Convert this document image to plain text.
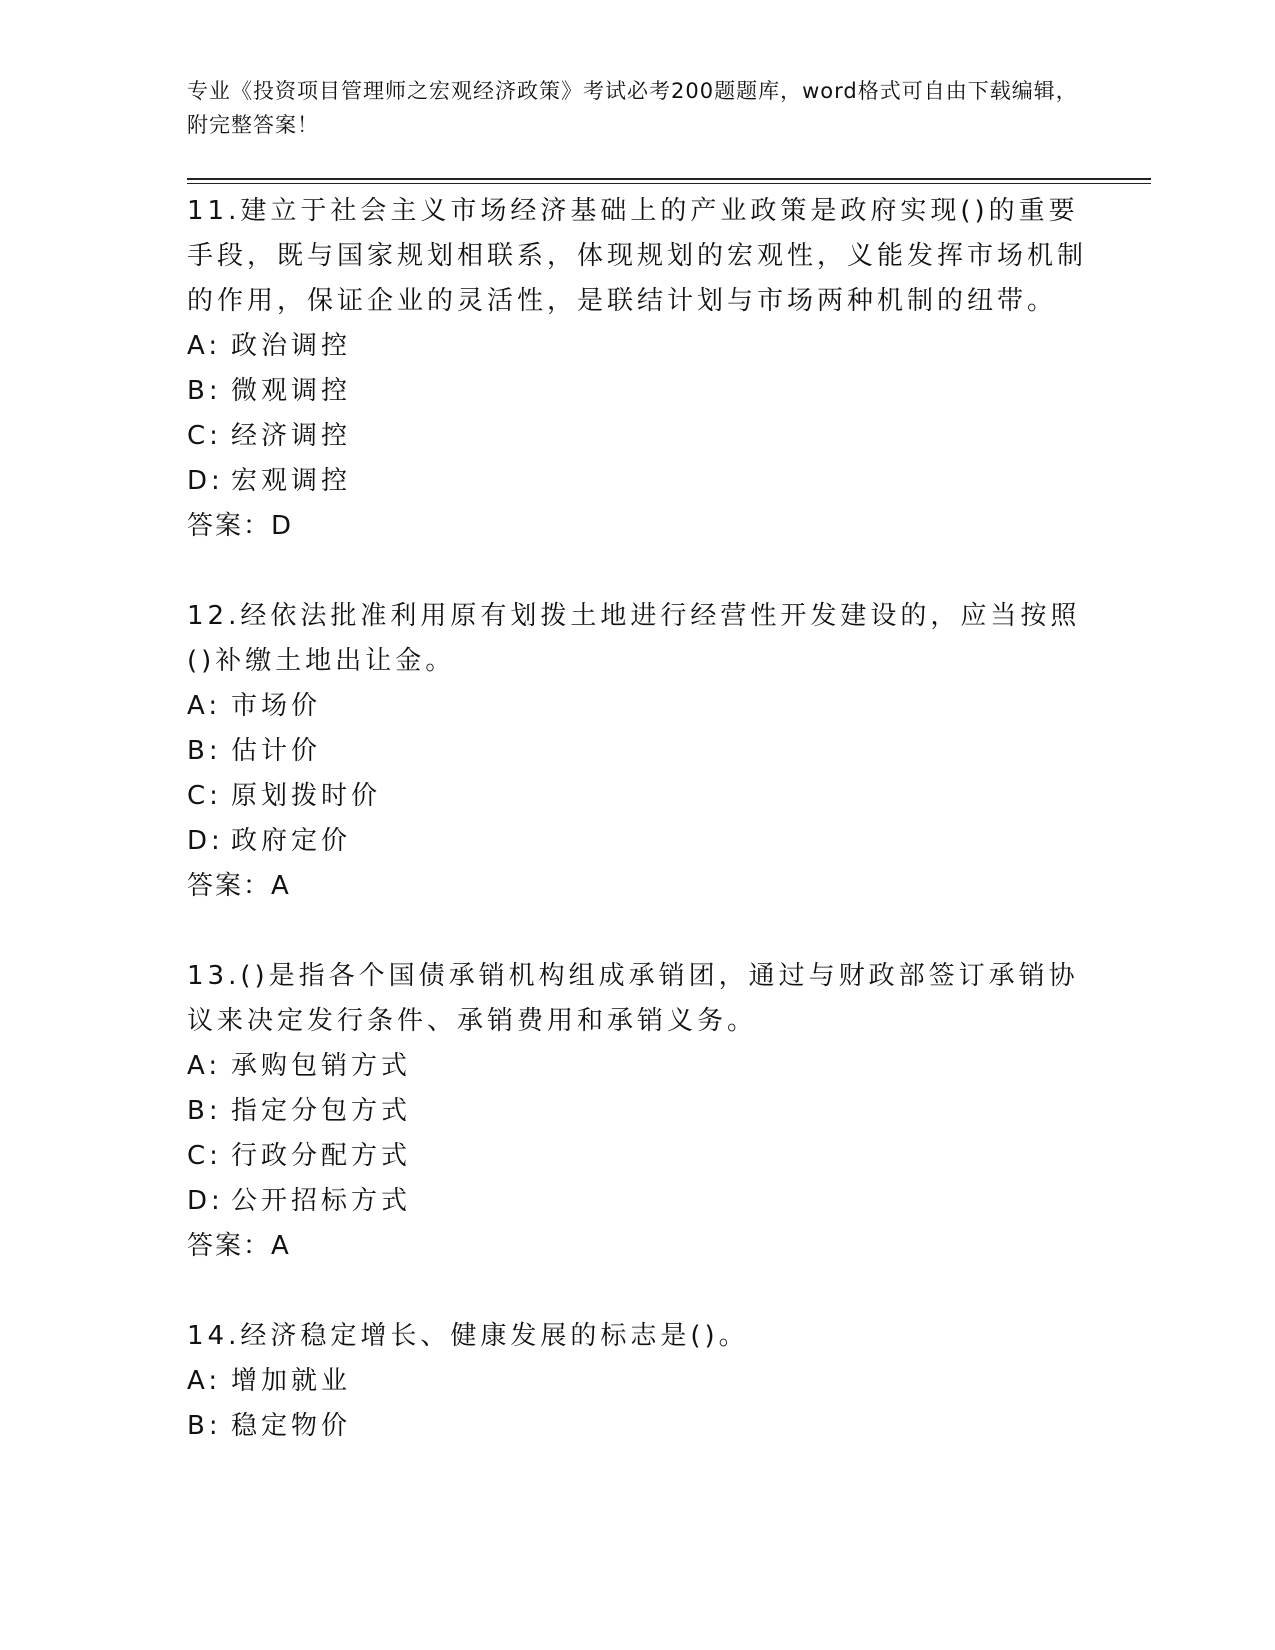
专业《投资项目管理师之宏观经济政策》考试必考200题题库，word格式可自由下载编辑，附完整答案！
11.建立于社会主义市场经济基础上的产业政策是政府实现()的重要手段，既与国家规划相联系，体现规划的宏观性，义能发挥市场机制的作用，保证企业的灵活性，是联结计划与市场两种机制的纽带。
A: 政治调控
B: 微观调控
C: 经济调控
D: 宏观调控
答案：D
12.经依法批准利用原有划拨土地进行经营性开发建设的，应当按照()补缴土地出让金。
A: 市场价
B: 估计价
C: 原划拨时价
D: 政府定价
答案：A
13.()是指各个国债承销机构组成承销团，通过与财政部签订承销协议来决定发行条件、承销费用和承销义务。
A: 承购包销方式
B: 指定分包方式
C: 行政分配方式
D: 公开招标方式
答案：A
14.经济稳定增长、健康发展的标志是()。
A: 增加就业
B: 稳定物价
